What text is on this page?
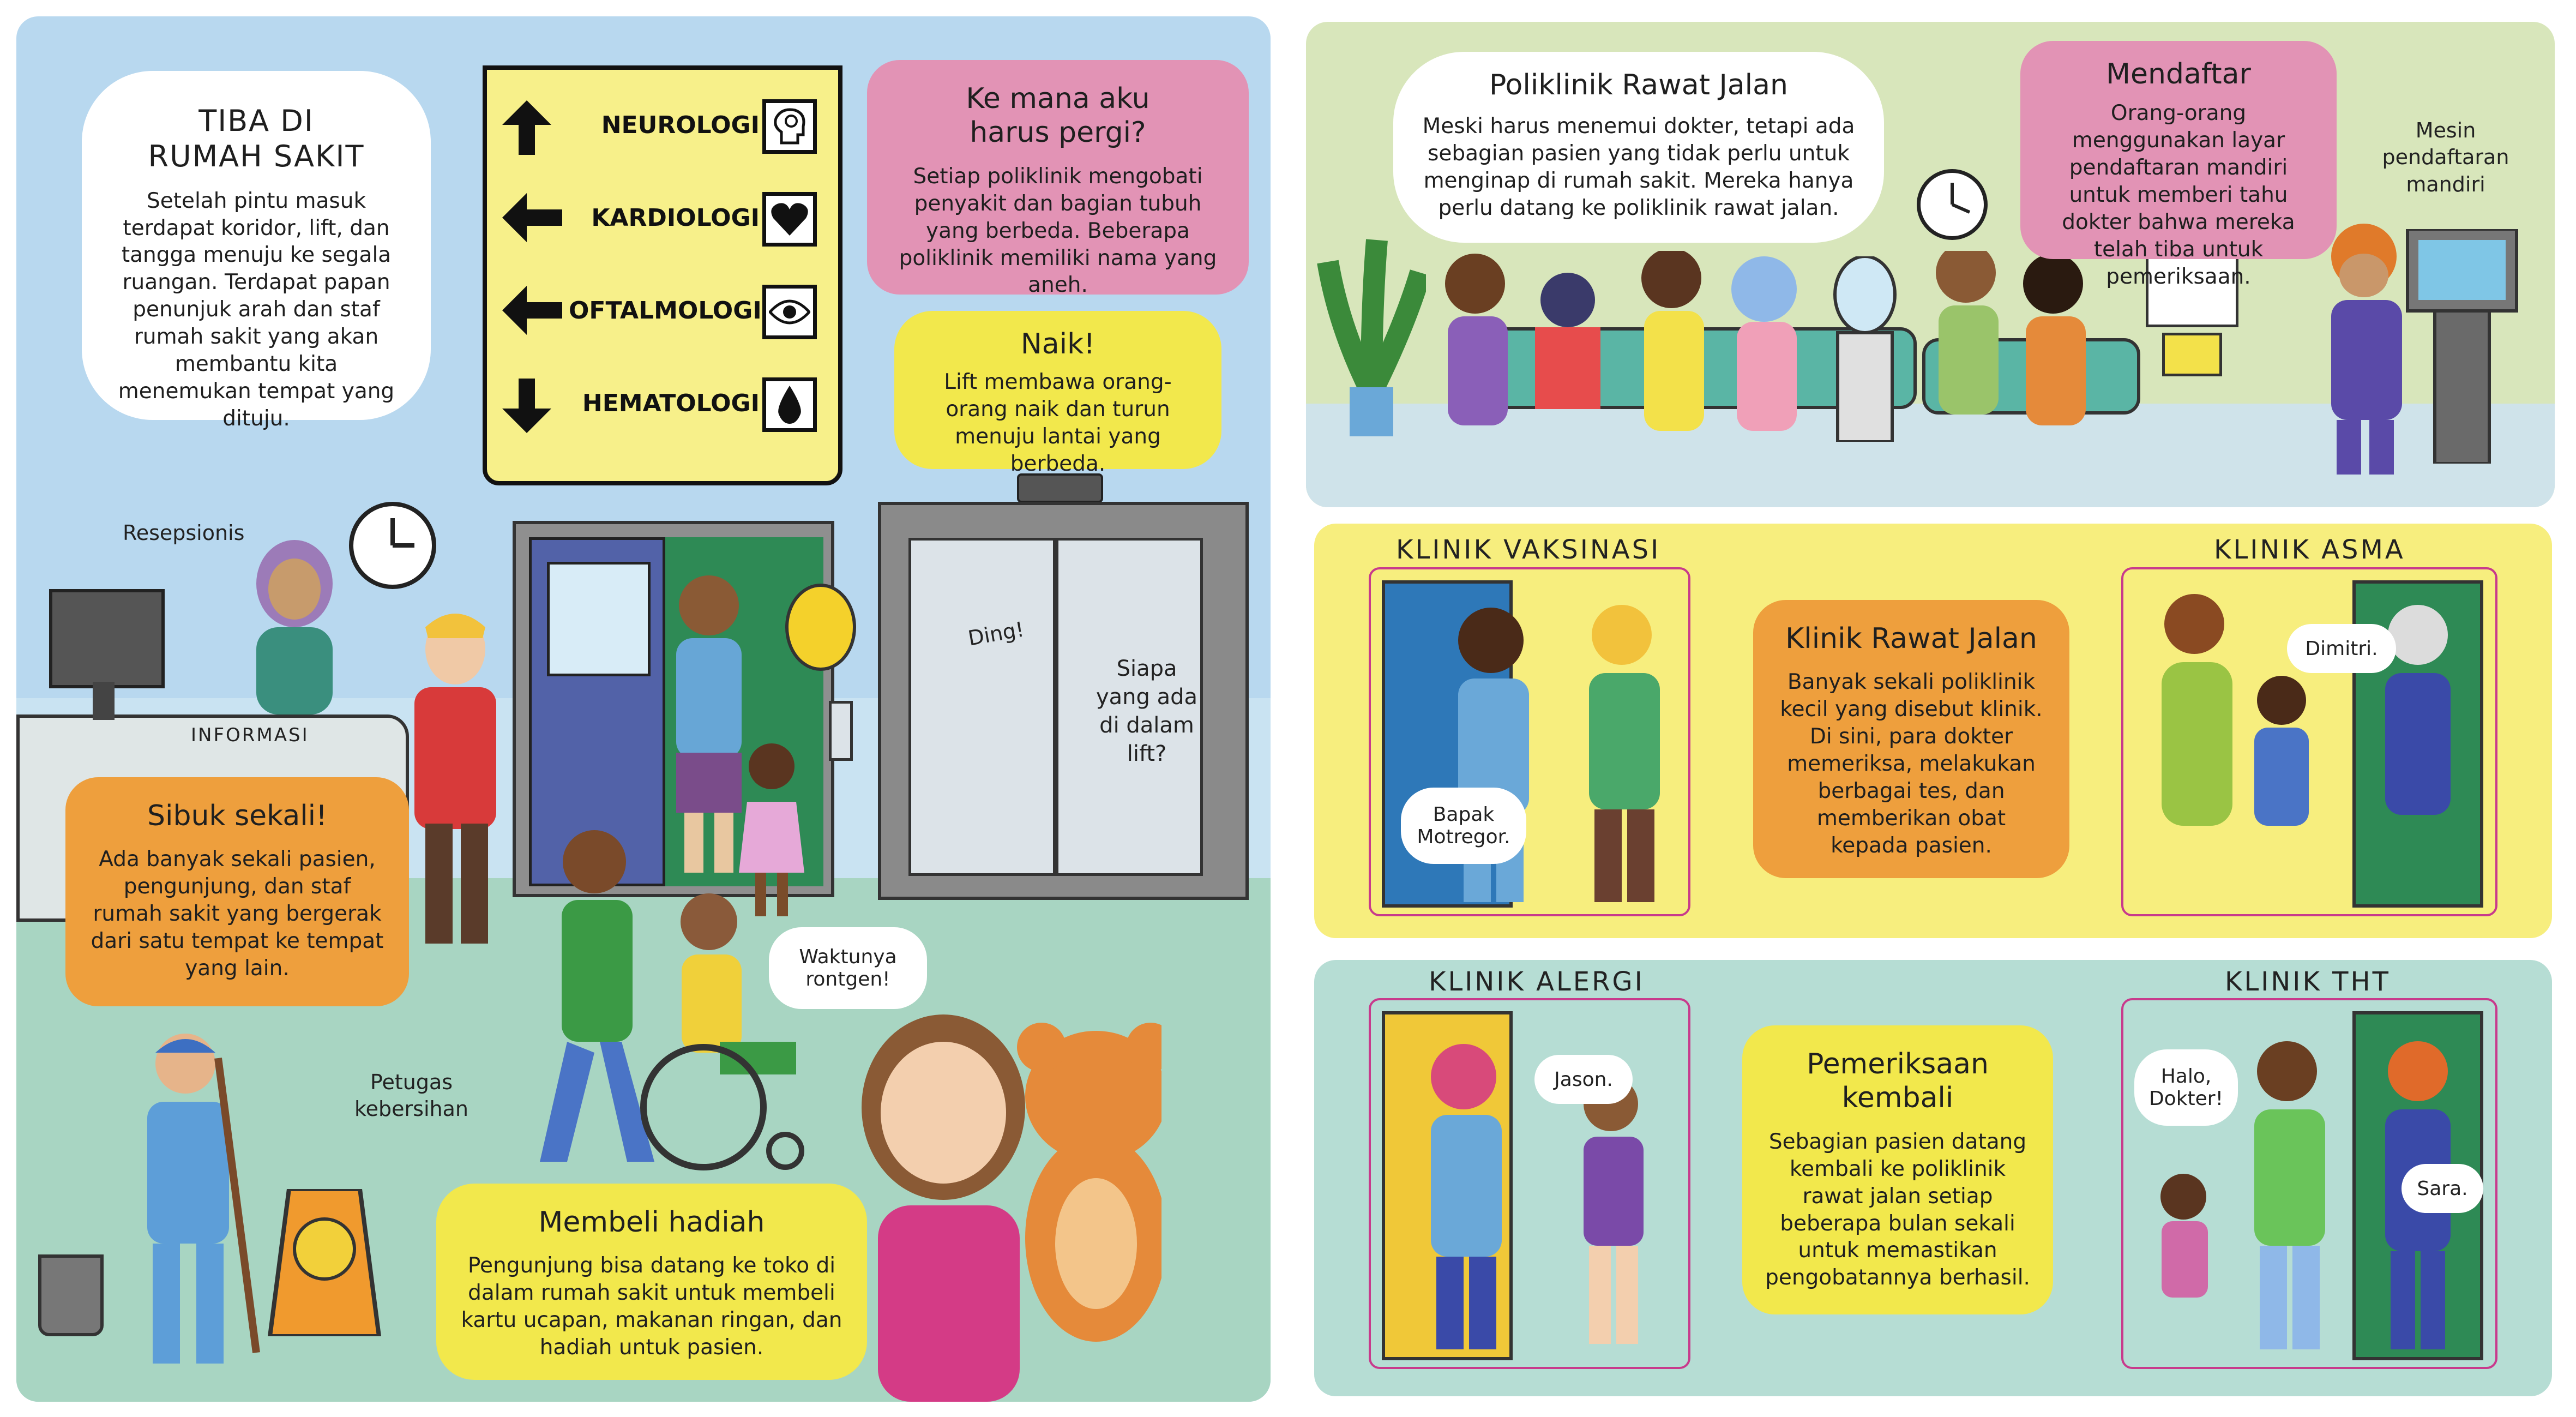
INFORMASI
Resepsionis
Ding!
Siapa
yang ada
di dalam
lift?
Waktunya
rontgen!
Petugas
kebersihan
TIBA DI
RUMAH SAKIT

Setelah pintu masuk terdapat koridor, lift, dan tangga menuju ke segala ruangan. Terdapat papan penunjuk arah dan staf rumah sakit yang akan membantu kita menemukan tempat yang dituju.

NEUROLOGI
KARDIOLOGI
OFTALMOLOGI
HEMATOLOGI
Ke mana aku
harus pergi?

Setiap poliklinik mengobati penyakit dan bagian tubuh yang berbeda. Beberapa poliklinik memiliki nama yang aneh.

Naik!

Lift membawa orang-orang naik dan turun menuju lantai yang berbeda.

Sibuk sekali!

Ada banyak sekali pasien, pengunjung, dan staf rumah sakit yang bergerak dari satu tempat ke tempat yang lain.

Membeli hadiah

Pengunjung bisa datang ke toko di dalam rumah sakit untuk membeli kartu ucapan, makanan ringan, dan hadiah untuk pasien.

Mesin
pendaftaran
mandiri
Poliklinik Rawat Jalan

Meski harus menemui dokter, tetapi ada sebagian pasien yang tidak perlu untuk menginap di rumah sakit. Mereka hanya perlu datang ke poliklinik rawat jalan.

Mendaftar

Orang-orang menggunakan layar pendaftaran mandiri untuk memberi tahu dokter bahwa mereka telah tiba untuk pemeriksaan.

KLINIK VAKSINASI
Bapak
Motregor.
Klinik Rawat Jalan

Banyak sekali poliklinik kecil yang disebut klinik. Di sini, para dokter memeriksa, melakukan berbagai tes, dan memberikan obat kepada pasien.

KLINIK ASMA
Dimitri.
KLINIK ALERGI
Jason.	Pemeriksaan
kembali

Sebagian pasien datang kembali ke poliklinik rawat jalan setiap beberapa bulan sekali untuk memastikan pengobatannya berhasil.

KLINIK THT
Halo,
Dokter!
Sara.
